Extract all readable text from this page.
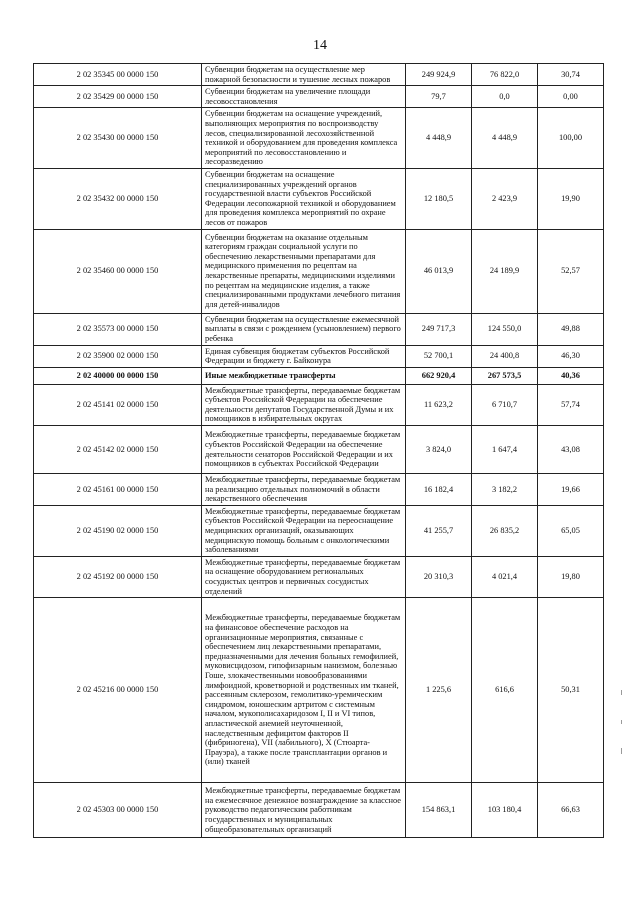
14
2 02 35345 00 0000 150	Субвенции бюджетам на осуществление мер пожарной безопасности и тушение лесных пожаров	249 924,9	76 822,0	30,74
2 02 35429 00 0000 150	Субвенции бюджетам на увеличение площади лесовосстановления	79,7	0,0	0,00
2 02 35430 00 0000 150	Субвенции бюджетам на оснащение учреждений, выполняющих мероприятия по воспроизводству лесов, специализированной лесохозяйственной техникой и оборудованием для проведения комплекса мероприятий по лесовосстановлению и лесоразведению	4 448,9	4 448,9	100,00
2 02 35432 00 0000 150	Субвенции бюджетам на оснащение специализированных учреждений органов государственной власти субъектов Российской Федерации лесопожарной техникой и оборудованием для проведения комплекса мероприятий по охране лесов от пожаров	12 180,5	2 423,9	19,90
2 02 35460 00 0000 150	Субвенции бюджетам на оказание отдельным категориям граждан социальной услуги по обеспечению лекарственными препаратами для медицинского применения по рецептам на лекарственные препараты, медицинскими изделиями по рецептам на медицинские изделия, а также специализированными продуктами лечебного питания для детей-инвалидов	46 013,9	24 189,9	52,57
2 02 35573 00 0000 150	Субвенции бюджетам на осуществление ежемесячной выплаты в связи с рождением (усыновлением) первого ребенка	249 717,3	124 550,0	49,88
2 02 35900 02 0000 150	Единая субвенция бюджетам субъектов Российской Федерации и бюджету г. Байконура	52 700,1	24 400,8	46,30
2 02 40000 00 0000 150	Иные межбюджетные трансферты	662 920,4	267 573,5	40,36
2 02 45141 02 0000 150	Межбюджетные трансферты, передаваемые бюджетам субъектов Российской Федерации на обеспечение деятельности депутатов Государственной Думы и их помощников в избирательных округах	11 623,2	6 710,7	57,74
2 02 45142 02 0000 150	Межбюджетные трансферты, передаваемые бюджетам субъектов Российской Федерации на обеспечение деятельности сенаторов Российской Федерации и их помощников в субъектах Российской Федерации	3 824,0	1 647,4	43,08
2 02 45161 00 0000 150	Межбюджетные трансферты, передаваемые бюджетам на реализацию отдельных полномочий в области лекарственного обеспечения	16 182,4	3 182,2	19,66
2 02 45190 02 0000 150	Межбюджетные трансферты, передаваемые бюджетам субъектов Российской Федерации на переоснащение медицинских организаций, оказывающих медицинскую помощь больным с онкологическими заболеваниями	41 255,7	26 835,2	65,05
2 02 45192 00 0000 150	Межбюджетные трансферты, передаваемые бюджетам на оснащение оборудованием региональных сосудистых центров и первичных сосудистых отделений	20 310,3	4 021,4	19,80
2 02 45216 00 0000 150	Межбюджетные трансферты, передаваемые бюджетам на финансовое обеспечение расходов на организационные мероприятия, связанные с обеспечением лиц лекарственными препаратами, предназначенными для лечения больных гемофилией, муковисцидозом, гипофизарным нанизмом, болезнью Гоше, злокачественными новообразованиями лимфоидной, кроветворной и родственных им тканей, рассеянным склерозом, гемолитико-уремическим синдромом, юношеским артритом с системным началом, мукополисахаридозом I, II и VI типов, апластической анемией неуточненной, наследственным дефицитом факторов II (фибриногена), VII (лабильного), X (Стюарта-Прауэра), а также после трансплантации органов и (или) тканей	1 225,6	616,6	50,31
2 02 45303 00 0000 150	Межбюджетные трансферты, передаваемые бюджетам на ежемесячное денежное вознаграждение за классное руководство педагогическим работникам государственных и муниципальных общеобразовательных организаций	154 863,1	103 180,4	66,63
